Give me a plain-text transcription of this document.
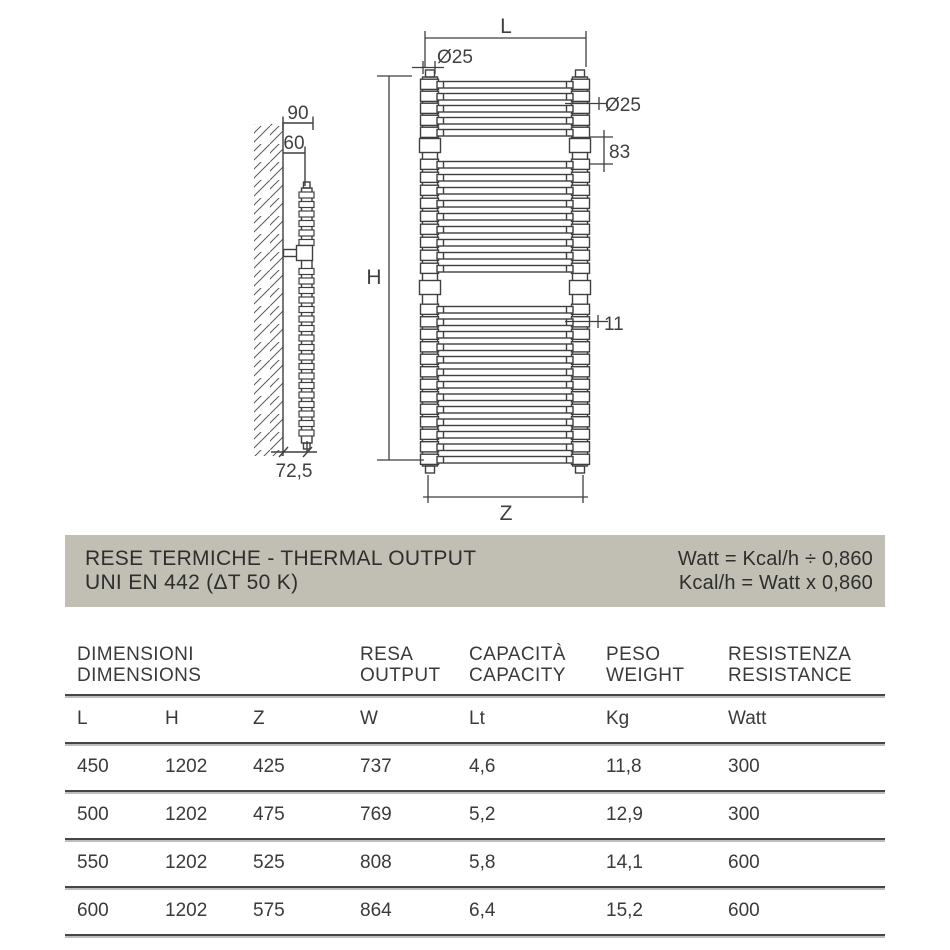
L
Ø25
Ø25
83
11
H
Z
90
60
72,5
RESE TERMICHE - THERMAL OUTPUT
UNI EN 442 (ΔT 50 K)
Watt = Kcal/h ÷ 0,860
Kcal/h = Watt x 0,860
DIMENSIONI
DIMENSIONS
RESA
OUTPUT
CAPACITÀ
CAPACITY
PESO
WEIGHT
RESISTENZA
RESISTANCE
L	H	Z	W	Lt	Kg	Watt
450	1202	425	737	4,6	11,8	300
500	1202	475	769	5,2	12,9	300
550	1202	525	808	5,8	14,1	600
600	1202	575	864	6,4	15,2	600
